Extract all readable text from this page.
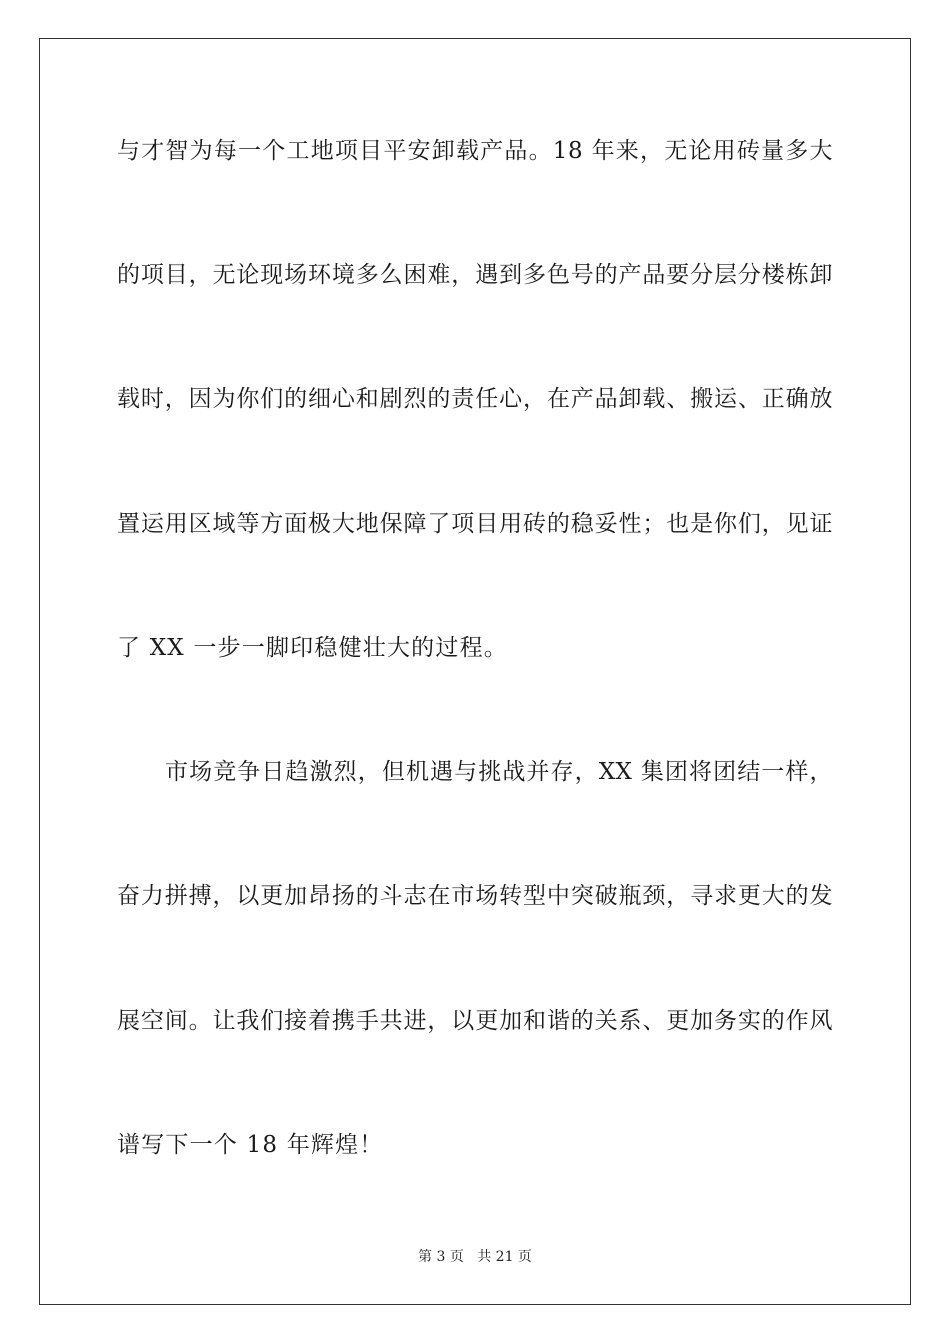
与才智为每一个工地项目平安卸载产品。18 年来，无论用砖量多大
的项目，无论现场环境多么困难，遇到多色号的产品要分层分楼栋卸
载时，因为你们的细心和剧烈的责任心，在产品卸载、搬运、正确放
置运用区域等方面极大地保障了项目用砖的稳妥性；也是你们，见证
了 XX 一步一脚印稳健壮大的过程。
市场竞争日趋激烈，但机遇与挑战并存，XX 集团将团结一样，
奋力拼搏，以更加昂扬的斗志在市场转型中突破瓶颈，寻求更大的发
展空间。让我们接着携手共进，以更加和谐的关系、更加务实的作风
谱写下一个 18 年辉煌！
第 3 页 共 21 页
